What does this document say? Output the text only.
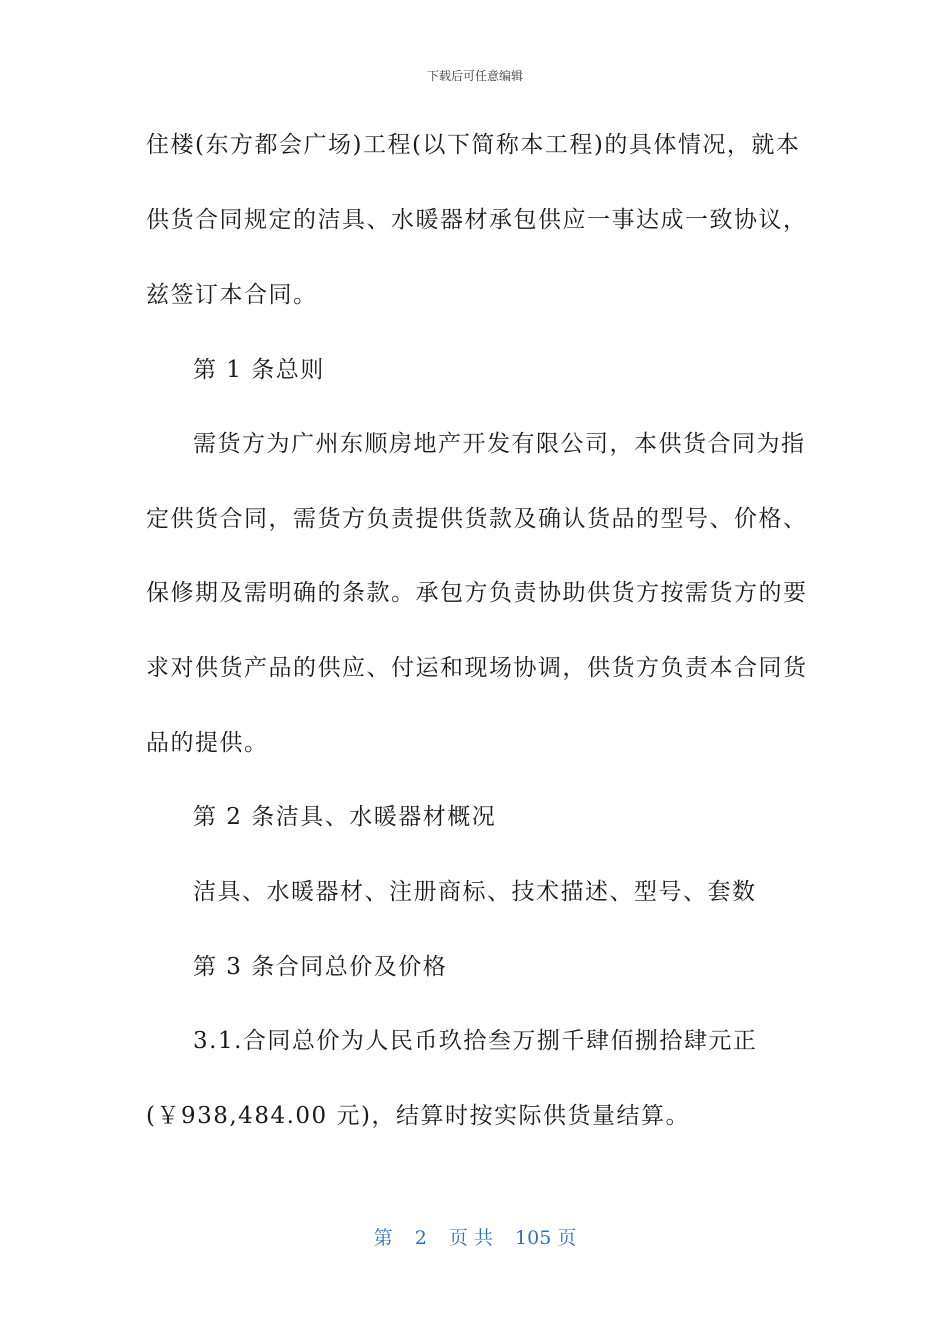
下载后可任意编辑
住楼(东方都会广场)工程(以下简称本工程)的具体情况，就本
供货合同规定的洁具、水暖器材承包供应一事达成一致协议，
兹签订本合同。
第 1 条总则
需货方为广州东顺房地产开发有限公司，本供货合同为指
定供货合同，需货方负责提供货款及确认货品的型号、价格、
保修期及需明确的条款。承包方负责协助供货方按需货方的要
求对供货产品的供应、付运和现场协调，供货方负责本合同货
品的提供。
第 2 条洁具、水暖器材概况
洁具、水暖器材、注册商标、技术描述、型号、套数
第 3 条合同总价及价格
3.1.合同总价为人民币玖拾叁万捌千肆佰捌拾肆元正
(￥938,484.00 元)，结算时按实际供货量结算。
第 2 页 共 105 页
